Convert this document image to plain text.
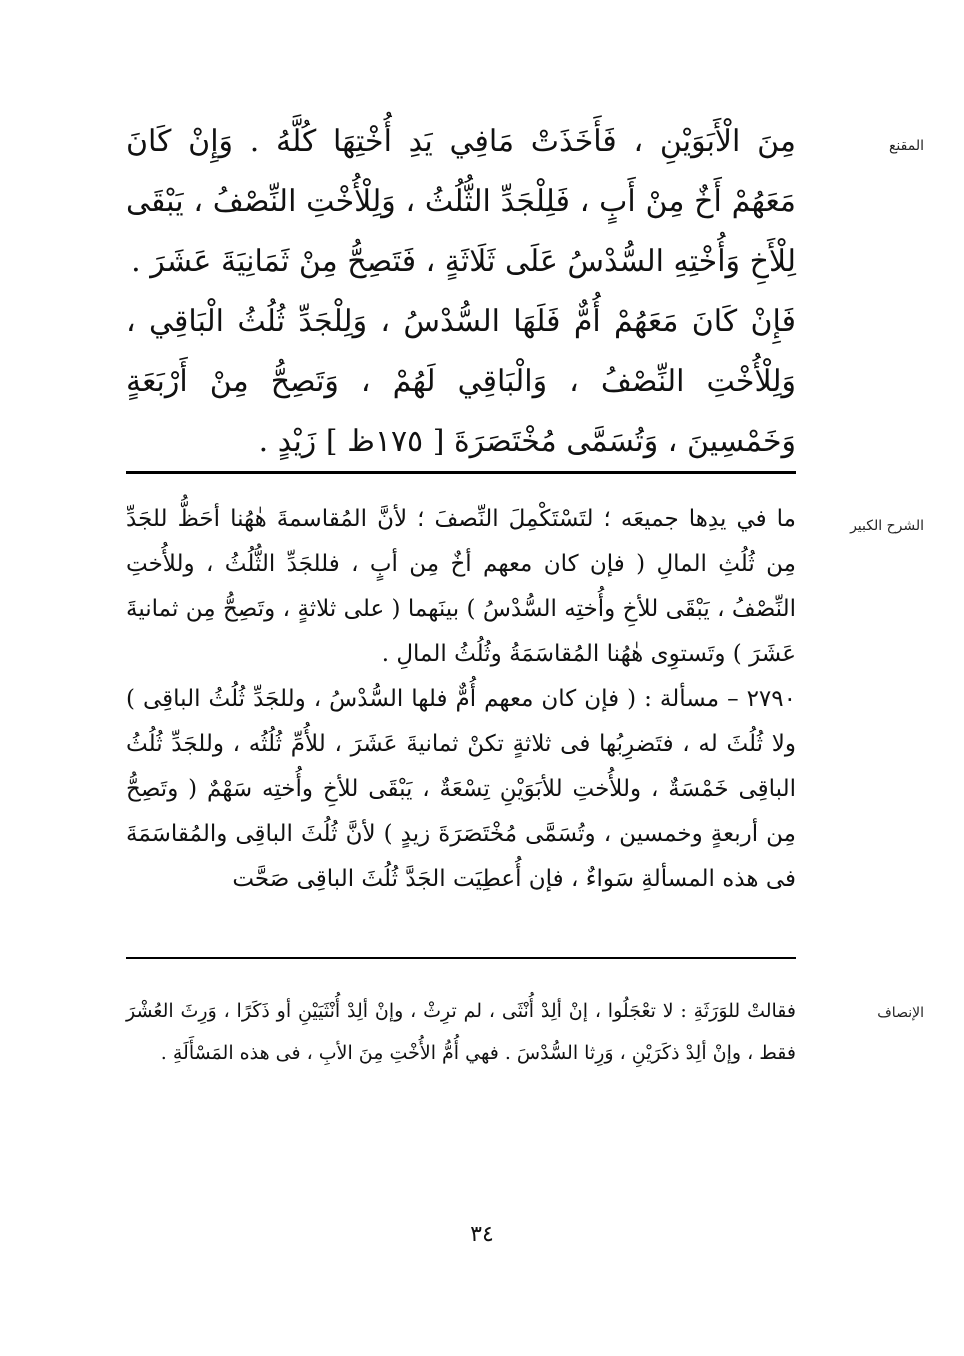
المقنع

مِنَ الْأَبَوَيْنِ ، فَأَخَذَتْ مَافِي يَدِ أُخْتِهَا كُلَّهُ . وَإِنْ كَانَ مَعَهُمْ أَخٌ مِنْ أَبٍ ، فَلِلْجَدِّ الثُّلُثُ ، وَلِلْأُخْتِ النِّصْفُ ، يَبْقَى لِلْأَخِ وَأُخْتِهِ السُّدْسُ عَلَى ثَلَاثَةٍ ، فَتَصِحُّ مِنْ ثَمَانِيَةَ عَشَرَ .

فَإِنْ كَانَ مَعَهُمْ أُمٌّ فَلَهَا السُّدْسُ ، وَلِلْجَدِّ ثُلُثُ الْبَاقِي ، وَلِلْأُخْتِ النِّصْفُ ، وَالْبَاقِي لَهُمْ ، وَتَصِحُّ مِنْ أَرْبَعَةٍ وَخَمْسِينَ ، وَتُسَمَّى مُخْتَصَرَةَ [ ١٧٥ظ ] زَيْدٍ .

الشرح الكبير

ما في يدِها جميعَه ؛ لتَسْتَكْمِلَ النِّصفَ ؛ لأنَّ المُقاسمةَ هٰهُنا أحَظُّ للجَدِّ مِن ثُلُثِ المالِ ( فإن كان معهم أخٌ مِن أبٍ ، فللجَدِّ الثُّلُثُ ، وللأُختِ النِّصْفُ ، يَبْقَى للأخِ وأُختِه السُّدْسُ ) بينَهما ( على ثلاثةٍ ، وتَصِحُّ مِن ثمانيةَ عَشَرَ ) وتَستوِى هٰهُنا المُقاسَمَةُ وثُلُثُ المالِ .

٢٧٩٠ – مسألة : ( فإن كان معهم أُمٌّ فلها السُّدْسُ ، وللجَدِّ ثُلُثُ الباقِى ) ولا ثُلُثَ له ، فتَضرِبُها فى ثلاثةٍ تكنْ ثمانيةَ عَشَرَ ، للأُمِّ ثُلُثُه ، وللجَدِّ ثُلُثُ الباقِى خَمْسَةٌ ، وللأُختِ للأبَوَيْنِ تِسْعَةٌ ، يَبْقَى للأخِ وأُختِه سَهْمٌ ( وتَصِحُّ مِن أربعةٍ وخمسين ، وتُسَمَّى مُخْتَصَرَةَ زيدٍ ) لأنَّ ثُلُثَ الباقِى والمُقاسَمَةَ فى هذه المسألةِ سَواءٌ ، فإن أُعطِيَت الجَدَّ ثُلُثَ الباقِى صَحَّت

الإنصاف

فقالتْ للوَرَثَةِ : لا تعْجَلُوا ، إنْ ألِدْ أُنْثَى ، لم ترِثْ ، وإنْ ألِدْ أُنْثَيَيْنِ أو ذَكَرًا ، وَرِثَ العُشْرَ فقط ، وإنْ ألِدْ ذكَرَيْنِ ، وَرِثا السُّدْسَ . فهي أُمُّ الأُخْتِ مِنَ الأبِ ، فى هذه المَسْأَلَةِ .

٣٤
